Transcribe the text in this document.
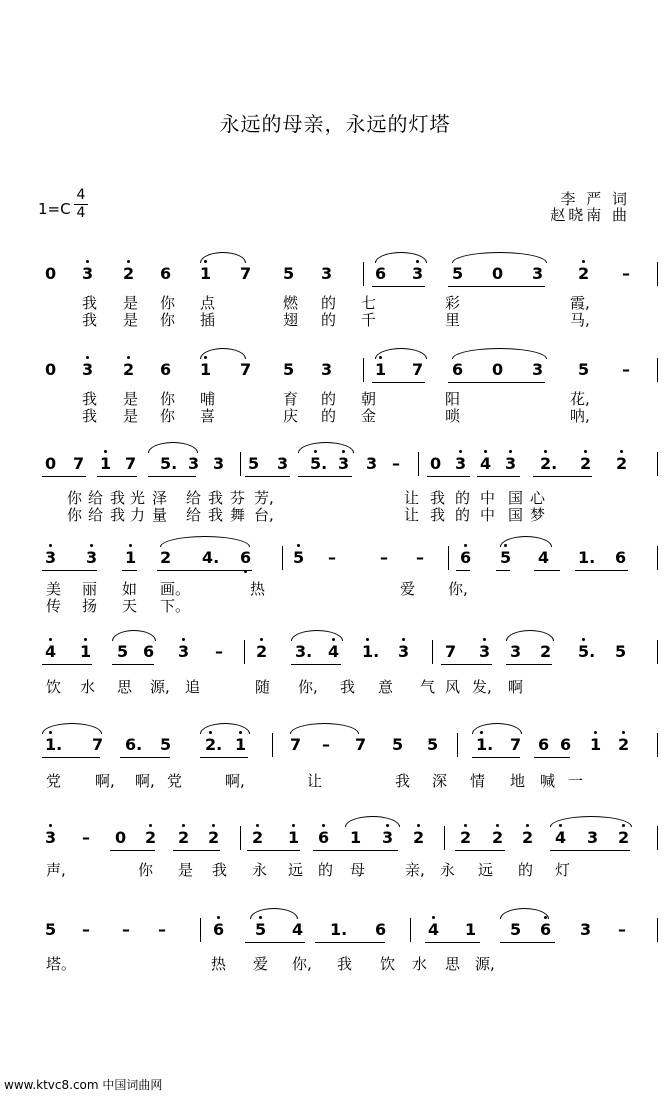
永远的母亲，永远的灯塔
1=C
4
4
李 严 词
赵晓南 曲
0 3 2 6 1 7 5 3	6 3 5 0 3 2 –
我 是 你 点	燃 的 七	彩	霞,
我 是 你 插	翅 的 千	里	马,
0 3 2 6 1 7 5 3	1 7 6 0 3 5 –
我 是 你 哺	育 的 朝	阳	花,
我 是 你 喜	庆 的 金	唢	呐,
0 7 1 7 5. 3 3 5 3 5. 3 3 –	0 3 4 3 2.	2 2
你 给 我 光 泽 给 我 芬 芳,	让 我 的 中 国 心
你 给 我 力 量 给 我 舞 台,	让 我 的 中 国 梦
3 3 1 2 4.	6	5 –	–	–	6 5 4 1.	6
美 丽 如 画。	热	爱 你,
传 扬 天 下。
4 1 5 6 3 –	2 3. 4 1.	3 7 3 3 2 5.	5
饮 水 思 源, 追	随 你, 我 意 气 风 发, 啊
1.	7 6.	5 2. 1	7 –	7 5 5 1.	7 6 6 1 2
党 啊, 啊, 党	啊,	让	我 深 情 地 喊 一
3 –	0 2 2 2 2 1 6 1 3 2 2 2 2 4 3 2
声,	你 是 我 永 远 的 母	亲, 永 远 的 灯
5 –	–	–	6 5 4 1.	6	4 1 5 6 3 –
塔。	热 爱 你, 我 饮 水 思 源,
www.ktvc8.com 中国词曲网
